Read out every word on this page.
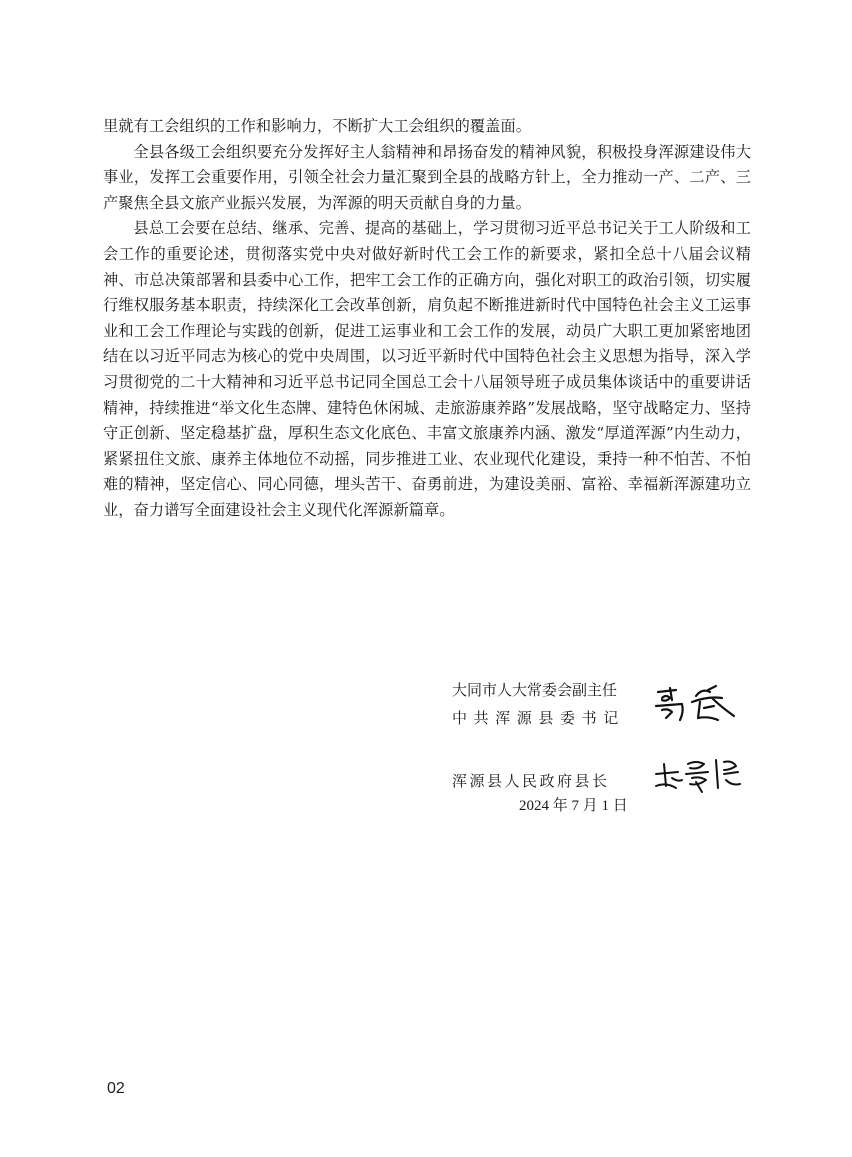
里就有工会组织的工作和影响力，不断扩大工会组织的覆盖面。

全县各级工会组织要充分发挥好主人翁精神和昂扬奋发的精神风貌，积极投身浑源建设伟大事业，发挥工会重要作用，引领全社会力量汇聚到全县的战略方针上，全力推动一产、二产、三产聚焦全县文旅产业振兴发展，为浑源的明天贡献自身的力量。

县总工会要在总结、继承、完善、提高的基础上，学习贯彻习近平总书记关于工人阶级和工会工作的重要论述，贯彻落实党中央对做好新时代工会工作的新要求，紧扣全总十八届会议精神、市总决策部署和县委中心工作，把牢工会工作的正确方向，强化对职工的政治引领，切实履行维权服务基本职责，持续深化工会改革创新，肩负起不断推进新时代中国特色社会主义工运事业和工会工作理论与实践的创新，促进工运事业和工会工作的发展，动员广大职工更加紧密地团结在以习近平同志为核心的党中央周围，以习近平新时代中国特色社会主义思想为指导，深入学习贯彻党的二十大精神和习近平总书记同全国总工会十八届领导班子成员集体谈话中的重要讲话精神，持续推进“举文化生态牌、建特色休闲城、走旅游康养路”发展战略，坚守战略定力、坚持守正创新、坚定稳基扩盘，厚积生态文化底色、丰富文旅康养内涵、激发“厚道浑源”内生动力，紧紧扭住文旅、康养主体地位不动摇，同步推进工业、农业现代化建设，秉持一种不怕苦、不怕难的精神，坚定信心、同心同德，埋头苦干、奋勇前进，为建设美丽、富裕、幸福新浑源建功立业，奋力谱写全面建设社会主义现代化浑源新篇章。

大同市人大常委会副主任
中共浑源县委书记
浑源县人民政府县长
2024 年 7 月 1 日
02
